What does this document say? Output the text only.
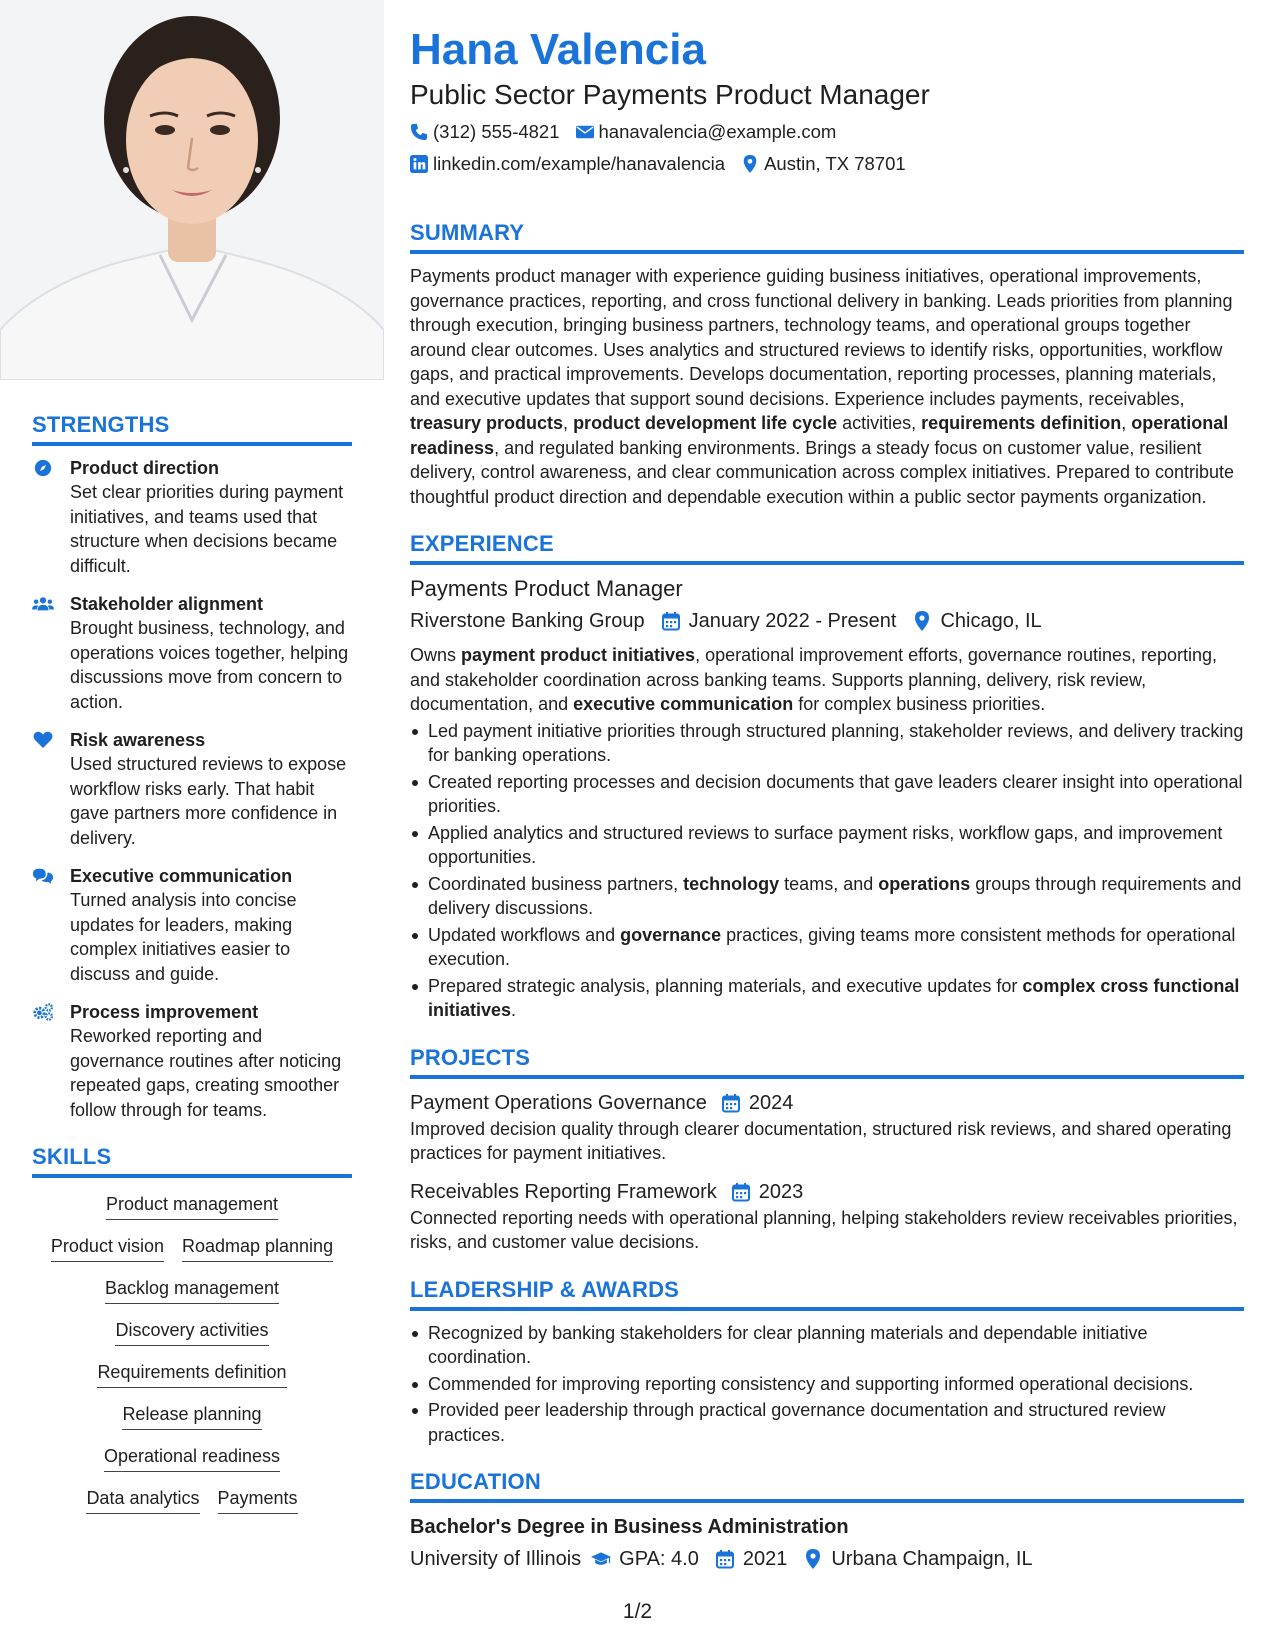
STRENGTHS
Product direction
Set clear priorities during payment initiatives, and teams used that structure when decisions became difficult.
Stakeholder alignment
Brought business, technology, and operations voices together, helping discussions move from concern to action.
Risk awareness
Used structured reviews to expose workflow risks early. That habit gave partners more confidence in delivery.
Executive communication
Turned analysis into concise updates for leaders, making complex initiatives easier to discuss and guide.
Process improvement
Reworked reporting and governance routines after noticing repeated gaps, creating smoother follow through for teams.
SKILLS
Product management
Product vision Roadmap planning
Backlog management
Discovery activities
Requirements definition
Release planning
Operational readiness
Data analytics Payments
Hana Valencia
Public Sector Payments Product Manager
(312) 555-4821 hanavalencia@example.com
linkedin.com/example/hanavalencia Austin, TX 78701
SUMMARY

Payments product manager with experience guiding business initiatives, operational improvements, governance practices, reporting, and cross functional delivery in banking. Leads priorities from planning through execution, bringing business partners, technology teams, and operational groups together around clear outcomes. Uses analytics and structured reviews to identify risks, opportunities, workflow gaps, and practical improvements. Develops documentation, reporting processes, planning materials, and executive updates that support sound decisions. Experience includes payments, receivables, treasury products, product development life cycle activities, requirements definition, operational readiness, and regulated banking environments. Brings a steady focus on customer value, resilient delivery, control awareness, and clear communication across complex initiatives. Prepared to contribute thoughtful product direction and dependable execution within a public sector payments organization.

EXPERIENCE
Payments Product Manager
Riverstone Banking Group January 2022 - Present Chicago, IL

Owns payment product initiatives, operational improvement efforts, governance routines, reporting, and stakeholder coordination across banking teams. Supports planning, delivery, risk review, documentation, and executive communication for complex business priorities.

Led payment initiative priorities through structured planning, stakeholder reviews, and delivery tracking for banking operations.
Created reporting processes and decision documents that gave leaders clearer insight into operational priorities.
Applied analytics and structured reviews to surface payment risks, workflow gaps, and improvement opportunities.
Coordinated business partners, technology teams, and operations groups through requirements and delivery discussions.
Updated workflows and governance practices, giving teams more consistent methods for operational execution.
Prepared strategic analysis, planning materials, and executive updates for complex cross functional initiatives.
PROJECTS
Payment Operations Governance 2024

Improved decision quality through clearer documentation, structured risk reviews, and shared operating practices for payment initiatives.

Receivables Reporting Framework 2023

Connected reporting needs with operational planning, helping stakeholders review receivables priorities, risks, and customer value decisions.

LEADERSHIP & AWARDS
Recognized by banking stakeholders for clear planning materials and dependable initiative coordination.
Commended for improving reporting consistency and supporting informed operational decisions.
Provided peer leadership through practical governance documentation and structured review practices.
EDUCATION
Bachelor's Degree in Business Administration
University of Illinois GPA: 4.0 2021 Urbana Champaign, IL
1/2
